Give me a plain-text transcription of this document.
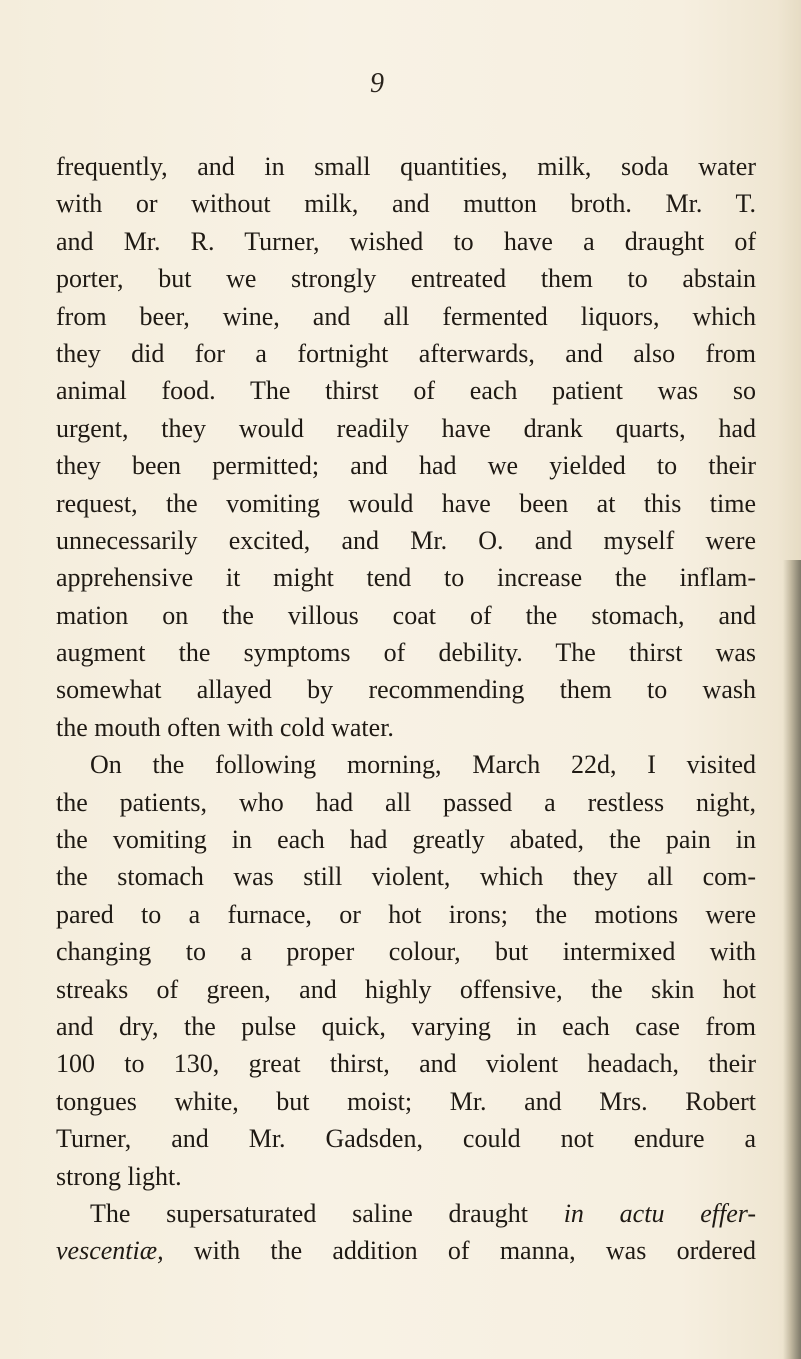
9
frequently, and in small quantities, milk, soda water
with or without milk, and mutton broth. Mr. T.
and Mr. R. Turner, wished to have a draught of
porter, but we strongly entreated them to abstain
from beer, wine, and all fermented liquors, which
they did for a fortnight afterwards, and also from
animal food. The thirst of each patient was so
urgent, they would readily have drank quarts, had
they been permitted; and had we yielded to their
request, the vomiting would have been at this time
unnecessarily excited, and Mr. O. and myself were
apprehensive it might tend to increase the inflam-
mation on the villous coat of the stomach, and
augment the symptoms of debility. The thirst was
somewhat allayed by recommending them to wash
the mouth often with cold water.
On the following morning, March 22d, I visited
the patients, who had all passed a restless night,
the vomiting in each had greatly abated, the pain in
the stomach was still violent, which they all com-
pared to a furnace, or hot irons; the motions were
changing to a proper colour, but intermixed with
streaks of green, and highly offensive, the skin hot
and dry, the pulse quick, varying in each case from
100 to 130, great thirst, and violent headach, their
tongues white, but moist; Mr. and Mrs. Robert
Turner, and Mr. Gadsden, could not endure a
strong light.
The supersaturated saline draught in actu effer-
vescentiæ, with the addition of manna, was ordered
